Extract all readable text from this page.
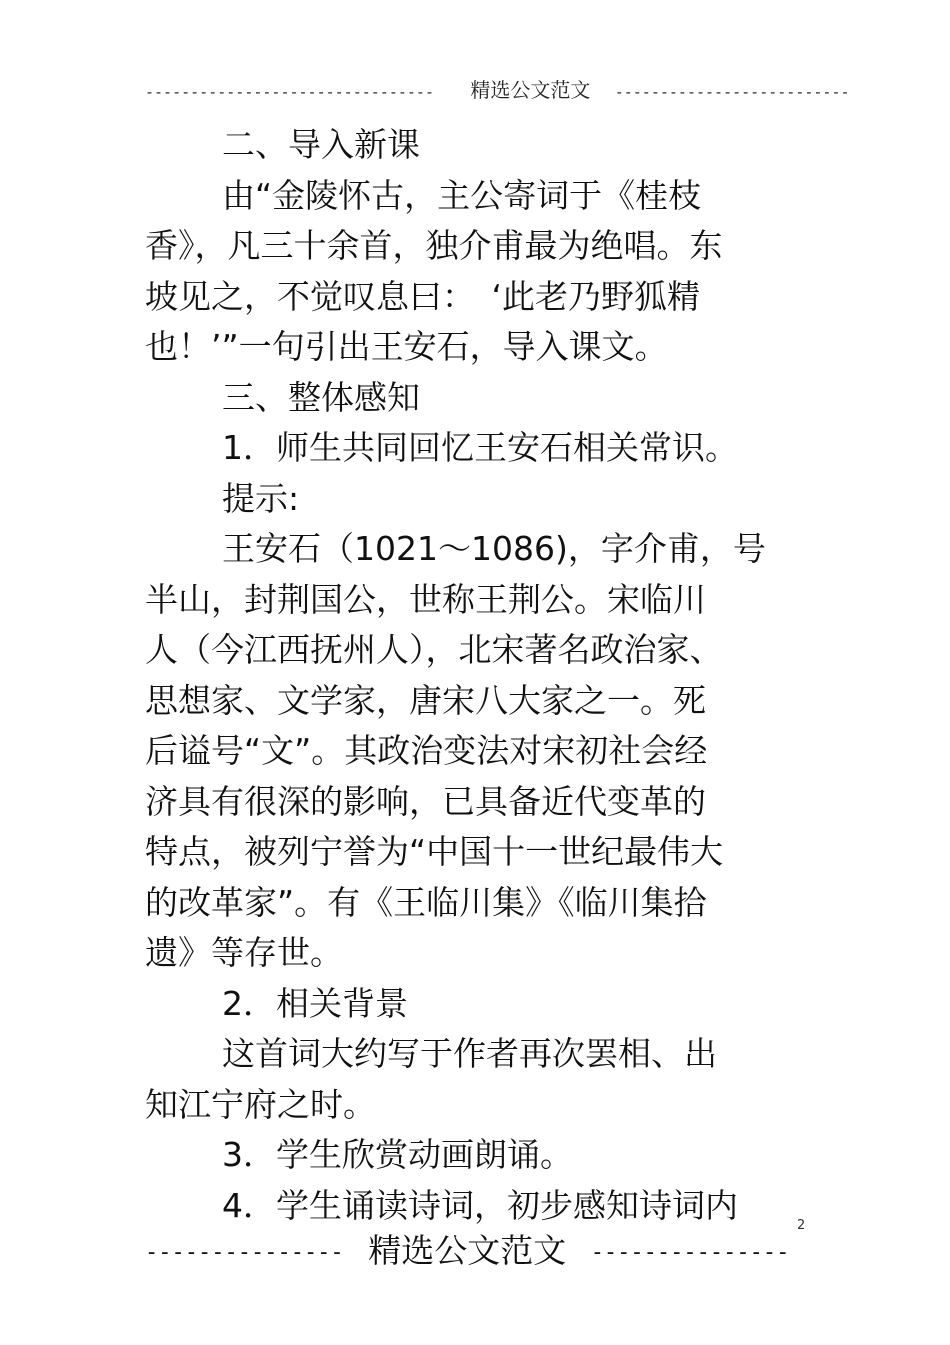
-------------------------------- 精选公文范文 --------------------------
二、导入新课
由“金陵怀古，主公寄词于《桂枝
香》，凡三十余首，独介甫最为绝唱。东
坡见之，不觉叹息曰：　‘此老乃野狐精
也！’”一句引出王安石，导入课文。
三、整体感知
1．师生共同回忆王安石相关常识。
提示:
王安石（1021～1086)，字介甫，号
半山，封荆国公，世称王荆公。宋临川
人（今江西抚州人），北宋著名政治家、
思想家、文学家，唐宋八大家之一。死
后谥号“文”。其政治变法对宋初社会经
济具有很深的影响，已具备近代变革的
特点，被列宁誉为“中国十一世纪最伟大
的改革家”。有《王临川集》《临川集拾
遗》等存世。
2．相关背景
这首词大约写于作者再次罢相、出
知江宁府之时。
3．学生欣赏动画朗诵。
4．学生诵读诗词，初步感知诗词内
2
--------------- 精选公文范文 ---------------
